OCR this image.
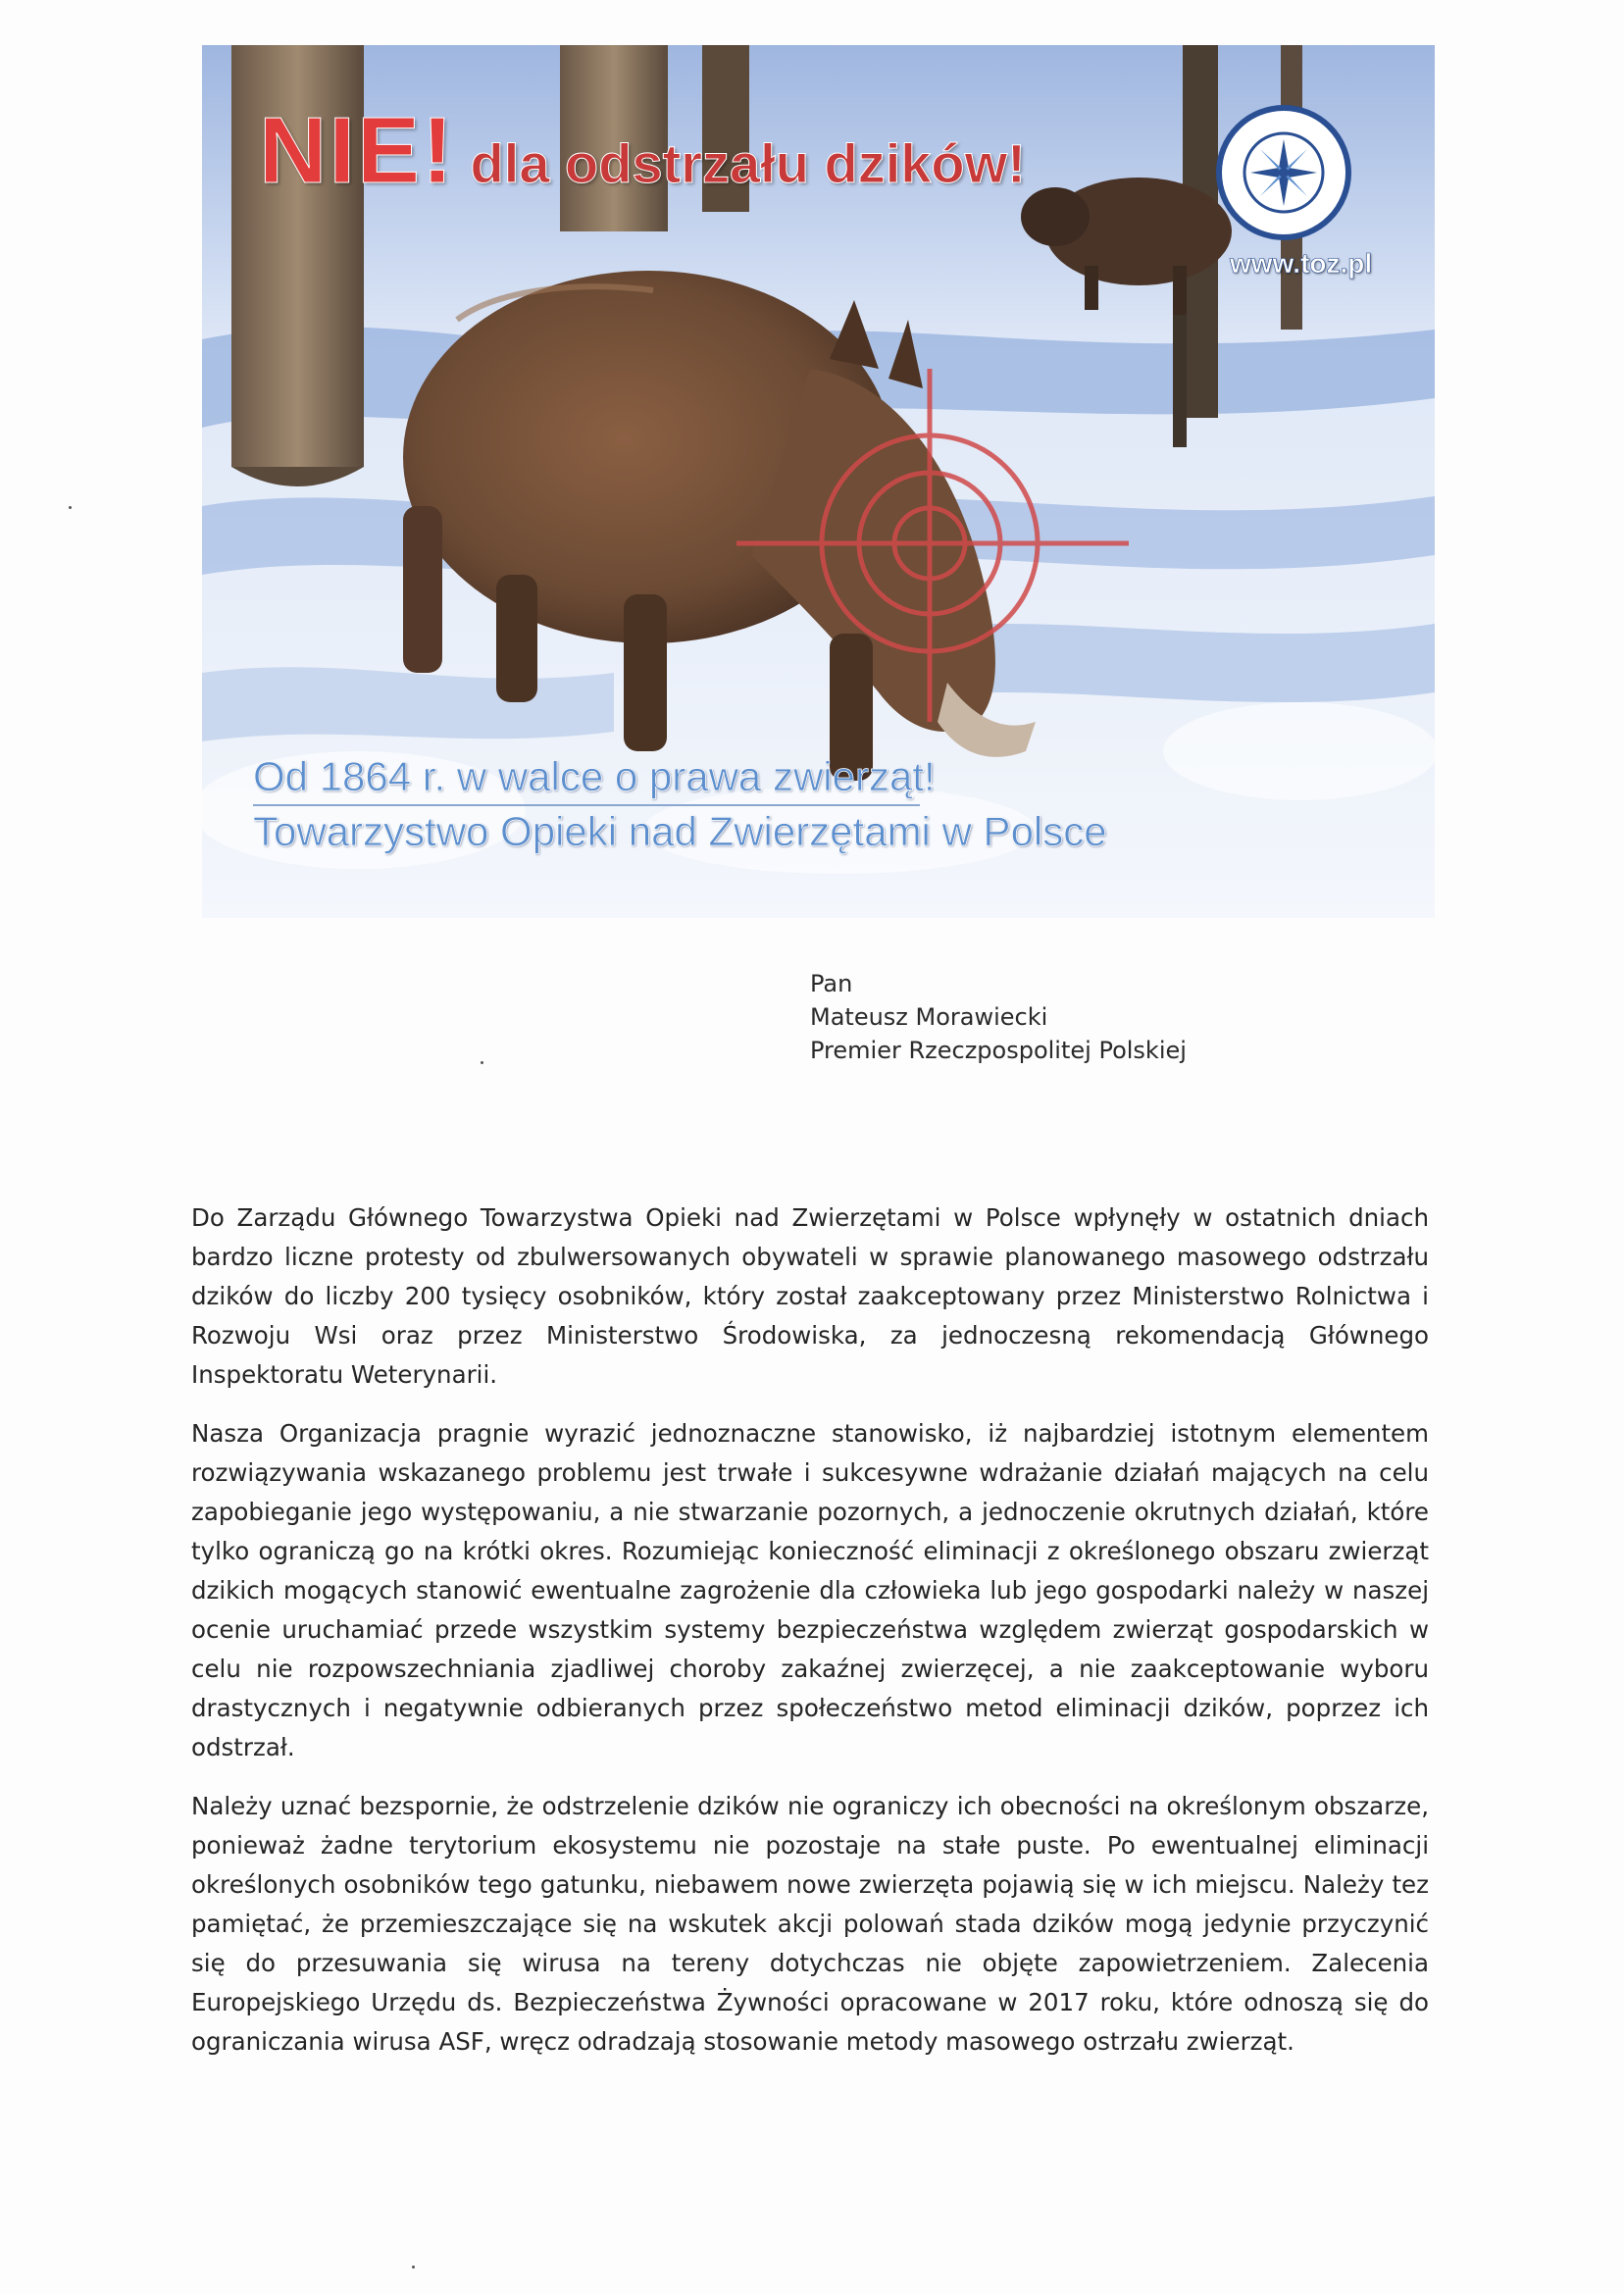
NIE! dla odstrzału dzików!
www.toz.pl
Od 1864 r. w walce o prawa zwierząt!
Towarzystwo Opieki nad Zwierzętami w Polsce
Pan
Mateusz Morawiecki
Premier Rzeczpospolitej Polskiej

Do Zarządu Głównego Towarzystwa Opieki nad Zwierzętami w Polsce wpłynęły w ostatnich dniach bardzo liczne protesty od zbulwersowanych obywateli w sprawie planowanego masowego odstrzału dzików do liczby 200 tysięcy osobników, który został zaakceptowany przez Ministerstwo Rolnictwa i Rozwoju Wsi oraz przez Ministerstwo Środowiska, za jednoczesną rekomendacją Głównego Inspektoratu Weterynarii.

Nasza Organizacja pragnie wyrazić jednoznaczne stanowisko, iż najbardziej istotnym elementem rozwiązywania wskazanego problemu jest trwałe i sukcesywne wdrażanie działań mających na celu zapobieganie jego występowaniu, a nie stwarzanie pozornych, a jednoczenie okrutnych działań, które tylko ograniczą go na krótki okres. Rozumiejąc konieczność eliminacji z określonego obszaru zwierząt dzikich mogących stanowić ewentualne zagrożenie dla człowieka lub jego gospodarki należy w naszej ocenie uruchamiać przede wszystkim systemy bezpieczeństwa względem zwierząt gospodarskich w celu nie rozpowszechniania zjadliwej choroby zakaźnej zwierzęcej, a nie zaakceptowanie wyboru drastycznych i negatywnie odbieranych przez społeczeństwo metod eliminacji dzików, poprzez ich odstrzał.

Należy uznać bezspornie, że odstrzelenie dzików nie ograniczy ich obecności na określonym obszarze, ponieważ żadne terytorium ekosystemu nie pozostaje na stałe puste. Po ewentualnej eliminacji określonych osobników tego gatunku, niebawem nowe zwierzęta pojawią się w ich miejscu. Należy tez pamiętać, że przemieszczające się na wskutek akcji polowań stada dzików mogą jedynie przyczynić się do przesuwania się wirusa na tereny dotychczas nie objęte zapowietrzeniem. Zalecenia Europejskiego Urzędu ds. Bezpieczeństwa Żywności opracowane w 2017 roku, które odnoszą się do ograniczania wirusa ASF, wręcz odradzają stosowanie metody masowego ostrzału zwierząt.
